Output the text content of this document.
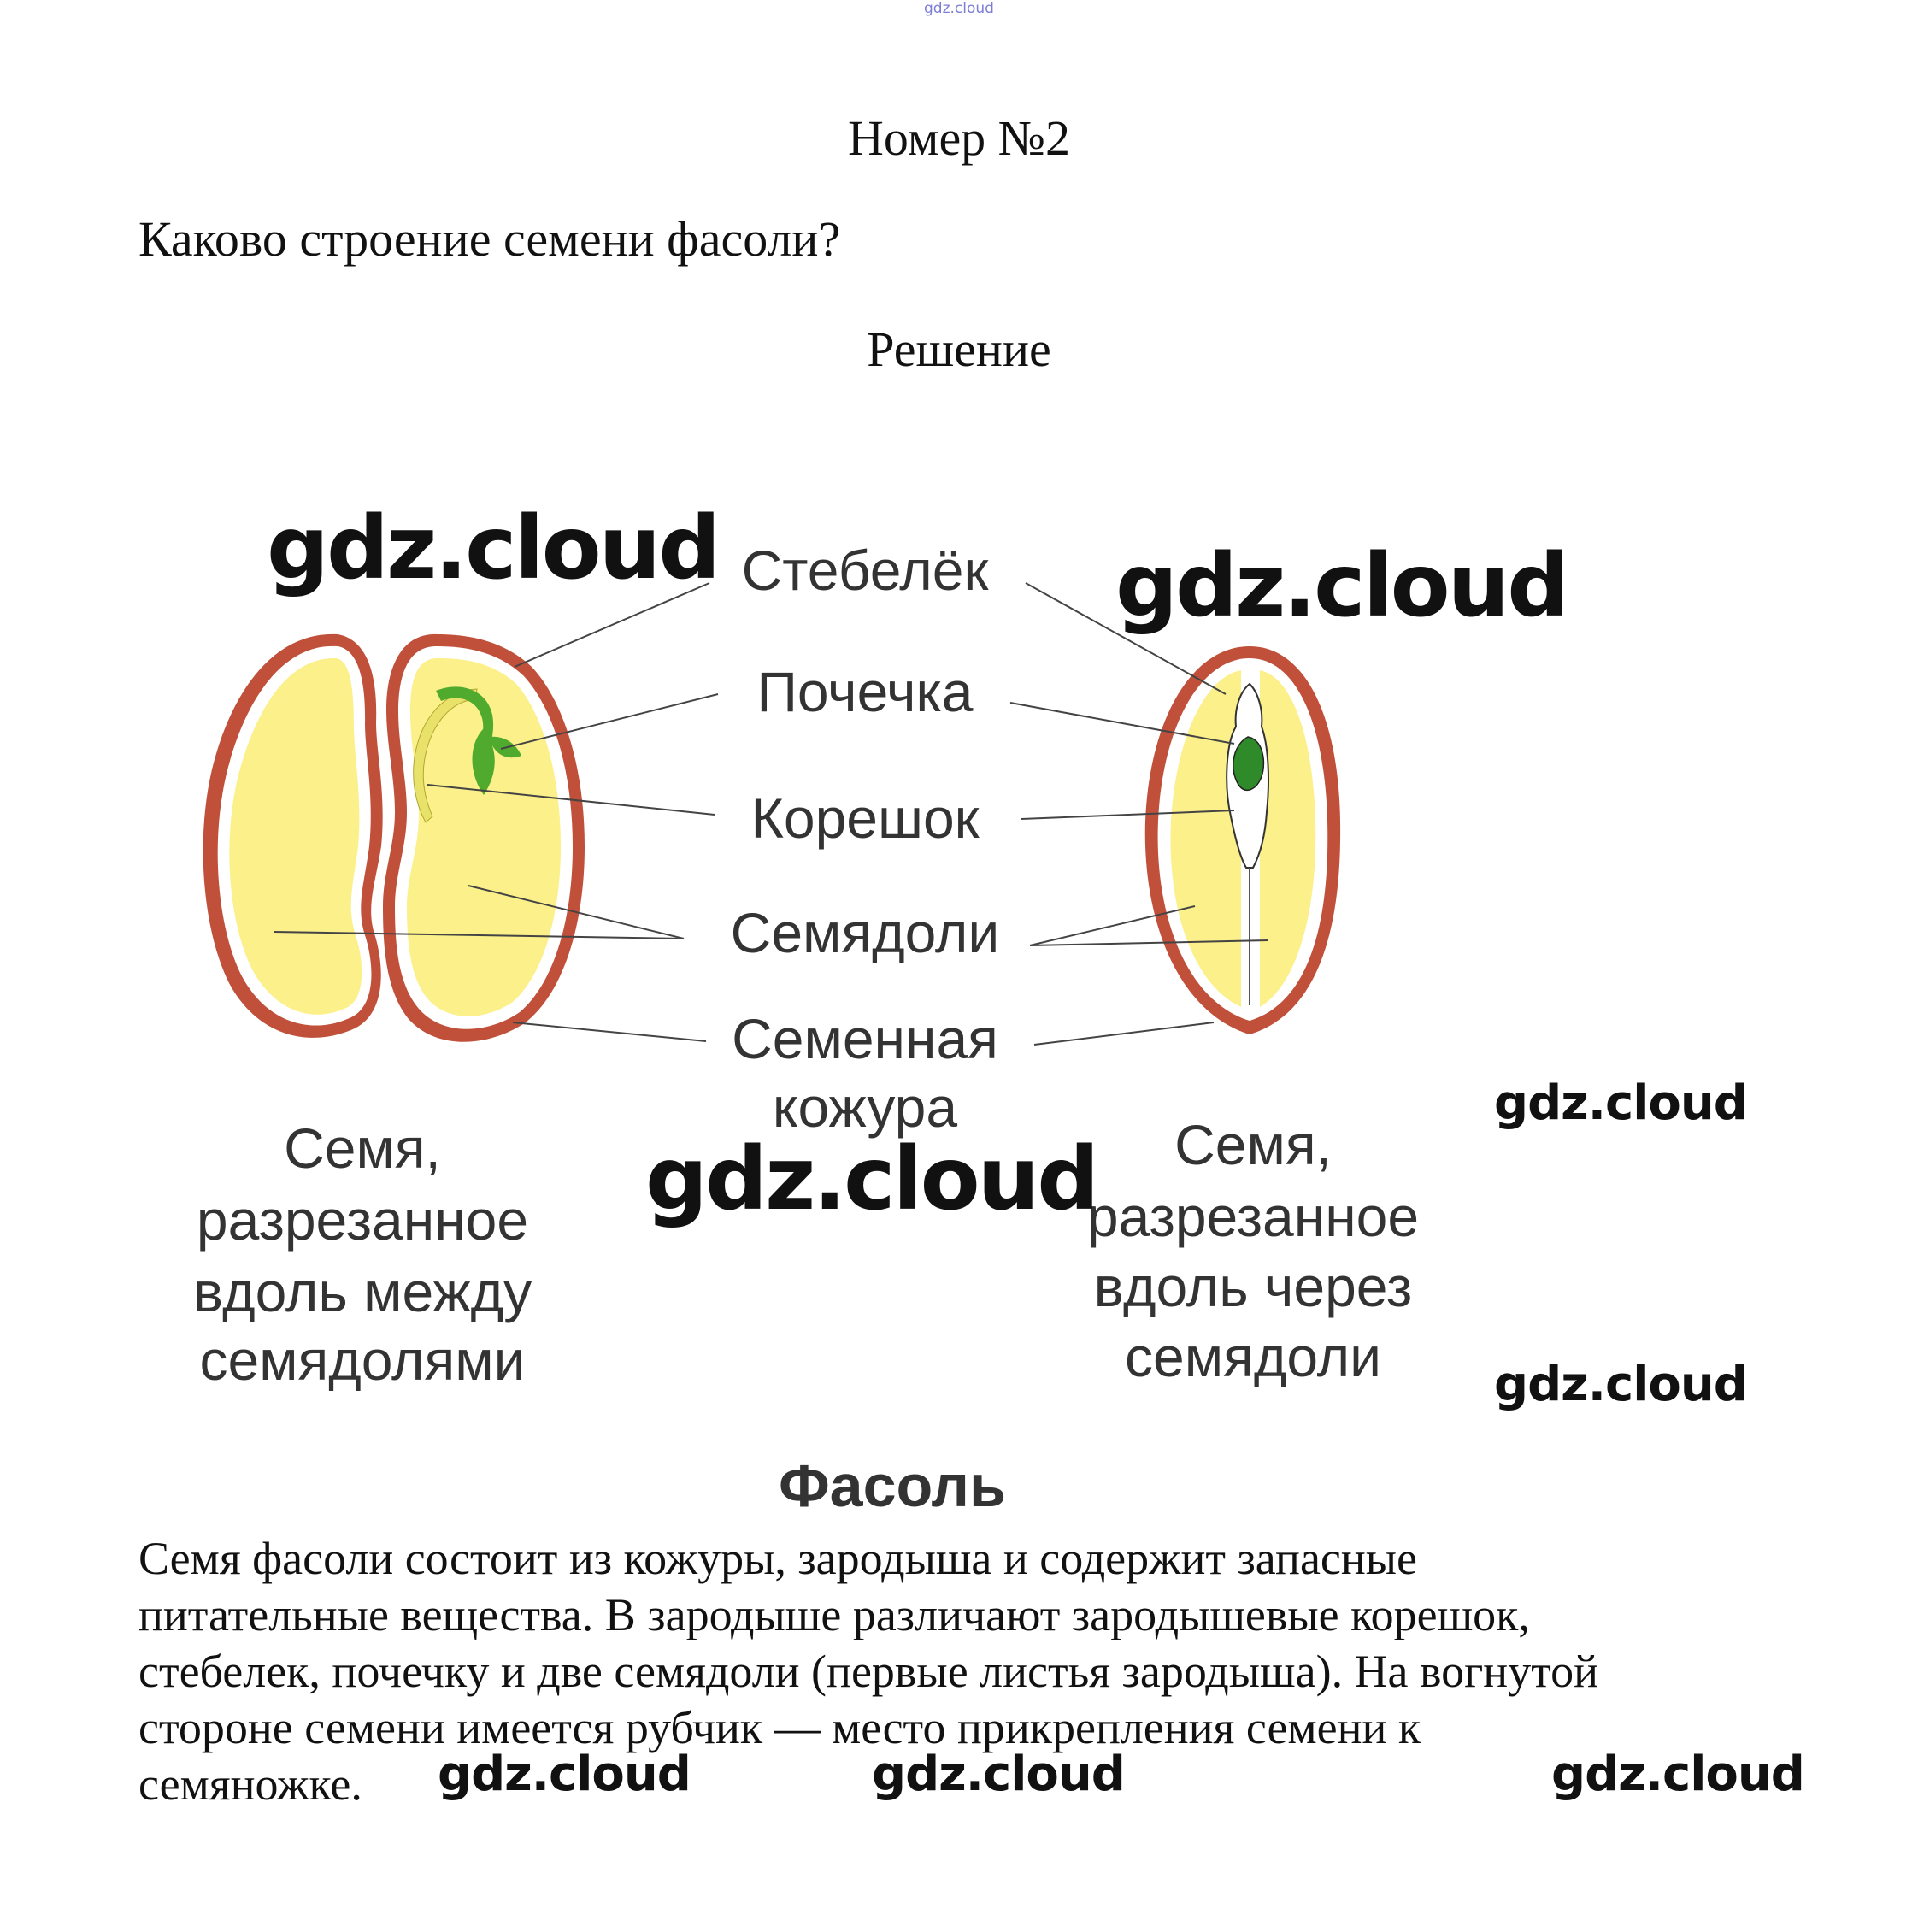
gdz.cloud
Номер №2
Каково строение семени фасоли?
Решение
Стебелёк
Почечка
Корешок
Семядоли
Семенная
кожура
Семя,
разрезанное
вдоль между
семядолями
Семя,
разрезанное
вдоль через
семядоли
Фасоль
gdz.cloud	gdz.cloud
gdz.cloud
gdz.cloud
gdz.cloud
Семя фасоли состоит из кожуры, зародыша и содержит запасные
питательные вещества. В зародыше различают зародышевые корешок,
стебелек, почечку и две семядоли (первые листья зародыша). На вогнутой
стороне семени имеется рубчик — место прикрепления семени к
семяножке.	gdz.cloud	gdz.cloud	gdz.cloud
